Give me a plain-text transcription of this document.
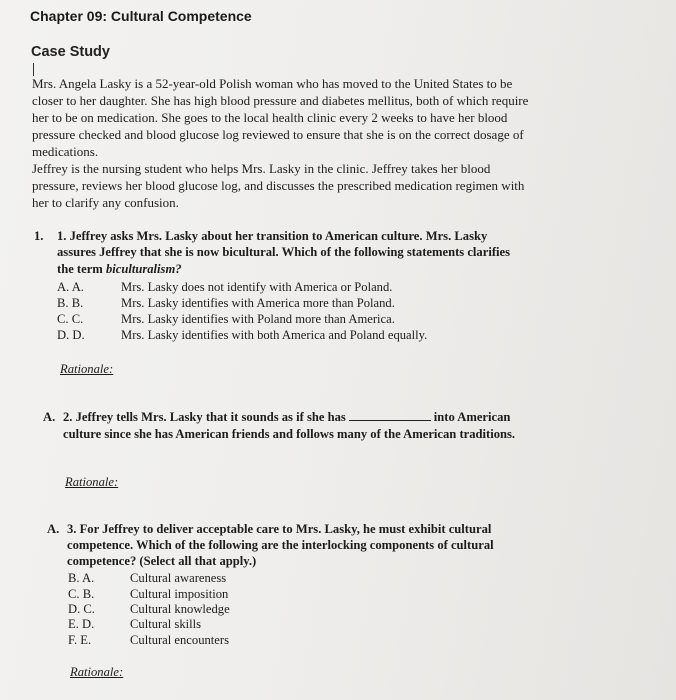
Chapter 09: Cultural Competence
Case Study
Mrs. Angela Lasky is a 52-year-old Polish woman who has moved to the United States to be
closer to her daughter. She has high blood pressure and diabetes mellitus, both of which require
her to be on medication. She goes to the local health clinic every 2 weeks to have her blood
pressure checked and blood glucose log reviewed to ensure that she is on the correct dosage of
medications.
Jeffrey is the nursing student who helps Mrs. Lasky in the clinic. Jeffrey takes her blood
pressure, reviews her blood glucose log, and discusses the prescribed medication regimen with
her to clarify any confusion.
1. 1. Jeffrey asks Mrs. Lasky about her transition to American culture. Mrs. Lasky
assures Jeffrey that she is now bicultural. Which of the following statements clarifies
the term biculturalism?
A. A.	Mrs. Lasky does not identify with America or Poland.
B. B.	Mrs. Lasky identifies with America more than Poland.
C. C.	Mrs. Lasky identifies with Poland more than America.
D. D.	Mrs. Lasky identifies with both America and Poland equally.
Rationale:
A. 2. Jeffrey tells Mrs. Lasky that it sounds as if she has	into American
culture since she has American friends and follows many of the American traditions.
Rationale:
A. 3. For Jeffrey to deliver acceptable care to Mrs. Lasky, he must exhibit cultural
competence. Which of the following are the interlocking components of cultural
competence? (Select all that apply.)
B. A.	Cultural awareness
C. B.	Cultural imposition
D. C.	Cultural knowledge
E. D.	Cultural skills
F. E.	Cultural encounters
Rationale:
